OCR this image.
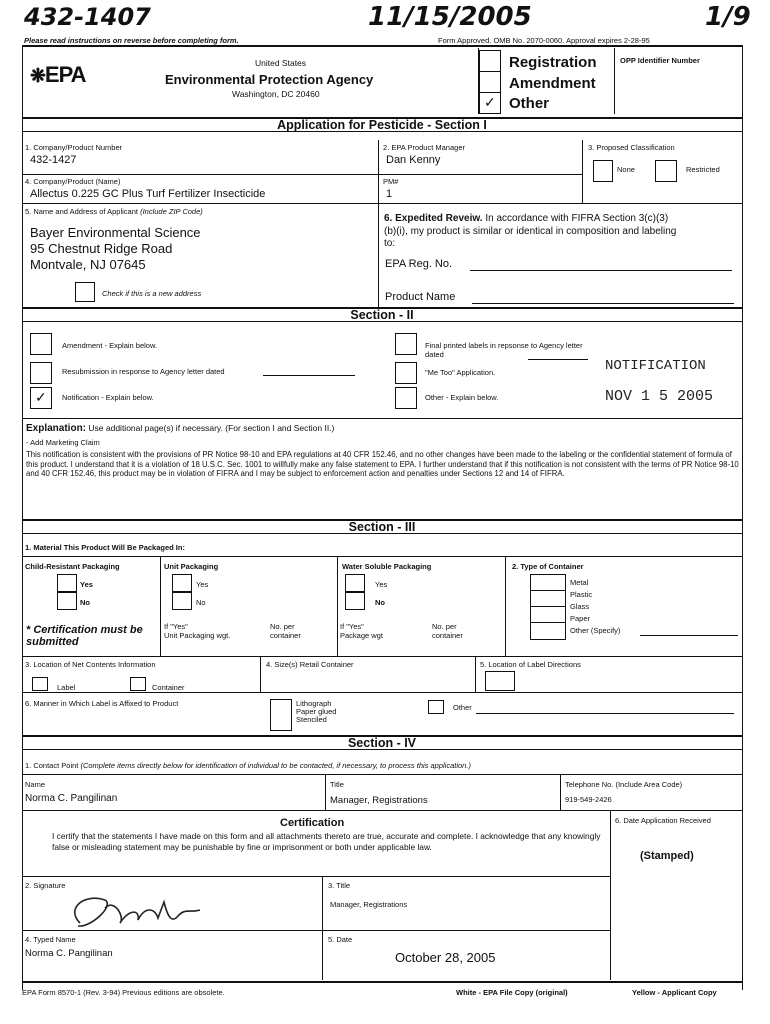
432-1407	11/15/2005	1/9
Please read instructions on reverse before completing form.	Form Approved. OMB No. 2070-0060. Approval expires 2-28-95
❋EPA	United States
Environmental Protection Agency
Washington, DC 20460	✓
Registration
Amendment
Other
OPP Identifier Number
Application for Pesticide - Section I
1. Company/Product Number
432-1427
2. EPA Product Manager
Dan Kenny
3. Proposed Classification
None	Restricted
4. Company/Product (Name)
Allectus 0.225 GC Plus Turf Fertilizer Insecticide
PM#
1
5. Name and Address of Applicant (Include ZIP Code)
Bayer Environmental Science
95 Chestnut Ridge Road
Montvale, NJ 07645
Check if this is a new address
6. Expedited Reveiw. In accordance with FIFRA Section 3(c)(3)
(b)(i), my product is similar or identical in composition and labeling
to:
EPA Reg. No.
Product Name
Section - II
Amendment - Explain below.
Resubmission in response to Agency letter dated
✓ Notification - Explain below.
Final printed labels in repsonse to Agency letter dated
"Me Too" Application.
Other - Explain below.
NOTIFICATION
NOV 1 5 2005
Explanation: Use additional page(s) if necessary. (For section I and Section II.)
- Add Marketing Claim
This notification is consistent with the provisions of PR Notice 98-10 and EPA regulations at 40 CFR 152.46, and no other changes have been made to the labeling or the confidential statement of formula of this product. I understand that it is a violation of 18 U.S.C. Sec. 1001 to willfully make any false statement to EPA. I further understand that if this notification is not consistent with the terms of PR Notice 98-10 and 40 CFR 152.46, this product may be in violation of FIFRA and I may be subject to enforcement action and penalties under Sections 12 and 14 of FIFRA.
Section - III
1. Material This Product Will Be Packaged In:
Child-Resistant Packaging
Yes
No
* Certification must be submitted
Unit Packaging
Yes
No
If "Yes"
Unit Packaging wgt.
No. per
container
Water Soluble Packaging
Yes
No
If "Yes"
Package wgt
No. per
container
2. Type of Container
Metal
Plastic
Glass
Paper
Other (Specify)
3. Location of Net Contents Information
Label	Container
4. Size(s) Retail Container	5. Location of Label Directions
6. Manner in Which Label is Affixed to Product	Lithograph
Paper glued
Stenciled
Other
Section - IV
1. Contact Point (Complete items directly below for identification of individual to be contacted, if necessary, to process this application.)
Name
Norma C. Pangilinan
Title
Manager, Registrations
Telephone No. (Include Area Code)
919-549-2426
Certification
I certify that the statements I have made on this form and all attachments thereto are true, accurate and complete. I acknowledge that any knowingly false or misleading statement may be punishable by fine or imprisonment or both under applicable law.
6. Date Application Received
(Stamped)
2. Signature	3. Title
Manager, Registrations
4. Typed Name
Norma C. Pangilinan
5. Date
October 28, 2005
EPA Form 8570-1 (Rev. 3-94) Previous editions are obsolete.	White - EPA File Copy (original)	Yellow - Applicant Copy
